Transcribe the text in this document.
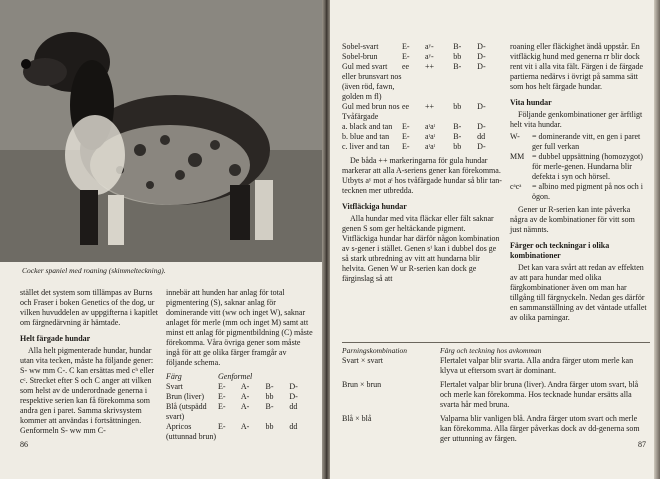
Cocker spaniel med roaning (skimmelteckning).

stället det system som tillämpas av Burns och Fraser i boken Genetics of the dog, ur vilken huvuddelen av uppgifterna i kapitlet om färgnedärvning är hämtade.

Helt färgade hundar

Alla helt pigmenterade hundar, hundar utan vita tecken, måste ha följande gener: S- ww mm C-. C kan ersättas med cʰ eller cᶜ. Strecket efter S och C anger att vilken som helst av de underordnade generna i respektive serien kan få förekomma som andra gen i paret. Samma skrivsystem kommer att användas i fortsättningen. Genformeln S- ww mm C-

innebär att hunden har anlag för total pigmentering (S), saknar anlag för dominerande vitt (ww och inget W), saknar anlaget för merle (mm och inget M) samt att minst ett anlag för pigmentbildning (C) måste förekomma. Våra övriga gener som måste ingå för att ge olika färger framgår av följande schema.

Färg	Genformel			
Svart	E-	A-	B-	D-
Brun (liver)	E-	A-	bb	D-
Blå (utspädd svart)	E-	A-	B-	dd
Apricos (uttunnad brun)	E-	A-	bb	dd
86
Sobel-svart	E-	aʸ-	B-	D-
Sobel-brun	E-	aʸ-	bb	D-
Gul med svart eller brunsvart nos (även röd, fawn, golden m fl)	ee	++	B-	D-
Gul med brun nos	ee	++	bb	D-
Tvåfärgade				
a. black and tan	E-	aᵗaᵗ	B-	D-
b. blue and tan	E-	aᵗaᵗ	B-	dd
c. liver and tan	E-	aᵗaᵗ	bb	D-

De båda ++ markeringarna för gula hundar markerar att alla A-seriens gener kan förekomma. Utbyts aʸ mot aᵗ hos tvåfärgade hundar så blir tan-tecknen mer utbredda.

Vitfläckiga hundar

Alla hundar med vita fläckar eller fält saknar genen S som ger heltäckande pigment. Vitfläckiga hundar har därför någon kombination av s-gener i stället. Genen sⁱ kan i dubbel dos ge så stark utbredning av vitt att hundarna blir helvita. Genen W ur R-serien kan dock ge färginslag så att

roaning eller fläckighet ändå uppstår. En vitfläckig hund med generna rr blir dock rent vit i alla vita fält. Färgen i de färgade partierna nedärvs i övrigt på samma sätt som hos helt färgade hundar.

Vita hundar

Följande genkombinationer ger ärftligt helt vita hundar.

W-	= dominerande vitt, en gen i paret ger full verkan
MM	= dubbel uppsättning (homozygot) för merle-genen. Hundarna blir defekta i syn och hörsel.
cᵃcᵃ	= albino med pigment på nos och i ögon.

Gener ur R-serien kan inte påverka några av de kombinationer för vitt som just nämnts.

Färger och teckningar i olika kombinationer

Det kan vara svårt att redan av effekten av att para hundar med olika färgkombinationer även om man har tillgång till färgnyckeln. Nedan ges därför en sammanställning av det väntade utfallet av olika parningar.

Parningskombination	Färg och teckning hos avkomman
Svart × svart	Flertalet valpar blir svarta. Alla andra färger utom merle kan klyva ut eftersom svart är dominant.
Brun × brun	Flertalet valpar blir bruna (liver). Andra färger utom svart, blå och merle kan förekomma. Hos tecknade hundar ersätts alla svarta hår med bruna.
Blå × blå	Valparna blir vanligen blå. Andra färger utom svart och merle kan förekomma. Alla färger påverkas dock av dd-generna som ger uttunning av färgen.
87
